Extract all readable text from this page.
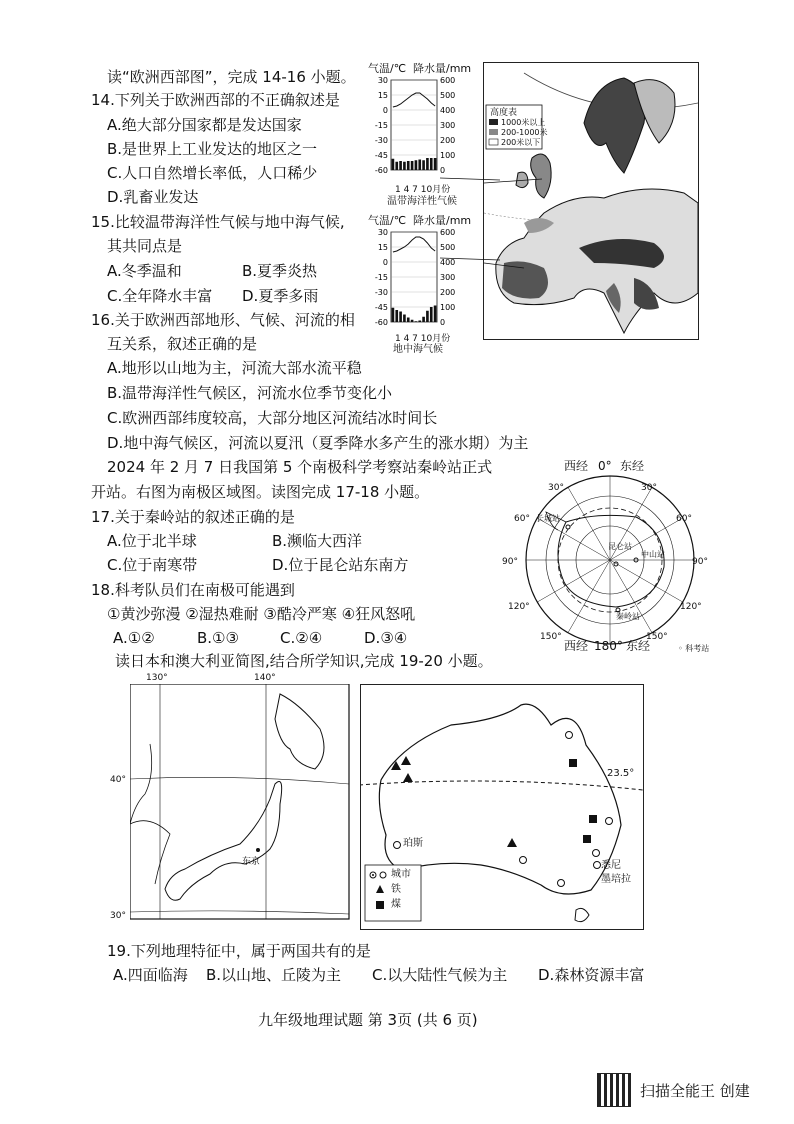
读“欧洲西部图”，完成 14-16 小题。
14.下列关于欧洲西部的不正确叙述是
A.绝大部分国家都是发达国家
B.是世界上工业发达的地区之一
C.人口自然增长率低，人口稀少
D.乳畜业发达
15.比较温带海洋性气候与地中海气候,
其共同点是
A.冬季温和	B.夏季炎热
C.全年降水丰富 D.夏季多雨
16.关于欧洲西部地形、气候、河流的相
互关系，叙述正确的是
A.地形以山地为主，河流大部水流平稳
B.温带海洋性气候区，河流水位季节变化小
C.欧洲西部纬度较高，大部分地区河流结冰时间长
D.地中海气候区，河流以夏汛（夏季降水多产生的涨水期）为主
2024 年 2 月 7 日我国第 5 个南极科学考察站秦岭站正式
开站。右图为南极区域图。读图完成 17-18 小题。
17.关于秦岭站的叙述正确的是
A.位于北半球	B.濒临大西洋
C.位于南寒带	D.位于昆仑站东南方
18.科考队员们在南极可能遇到
①黄沙弥漫 ②湿热难耐 ③酷冷严寒 ④狂风怒吼
A.①②	B.①③	C.②④	D.③④
读日本和澳大利亚简图,结合所学知识,完成 19-20 小题。
19.下列地理特征中，属于两国共有的是
A.四面临海 B.以山地、丘陵为主 C.以大陆性气候为主 D.森林资源丰富
九年级地理试题 第 3页 (共 6 页)
扫描全能王 创建
气温/℃ 降水量/mm
30
15
0
-15
-30
-45
-60
600
500
400
300
200
100
0
1 4 7 10月份
温带海洋性气候
气温/℃ 降水量/mm
30
15
0
-15
-30
-45
-60
600
500
400
300
200
100
0
1 4 7 10月份
地中海气候
高度表
1000米以上
200-1000米
200米以下
西经 0° 东经
30°	30°
60°	60°
90°	90°
120°	120°
150°	150°
长城站
中山站
昆仑站
秦岭站
西经 180° 东经	◦ 科考站
130°	140°
40°
30°
东京
23.5°
珀斯
悉尼
墨培拉
城市
铁
煤
